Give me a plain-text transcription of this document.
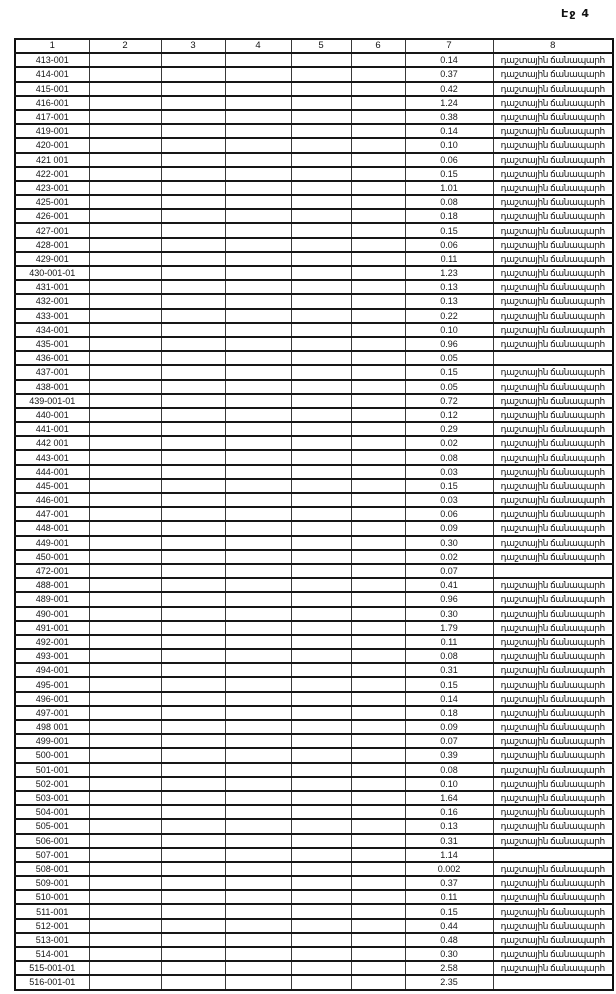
Էջ 4
1	2	3	4	5	6	7	8
413-001						0.14	դաշտային ճանապարհ
414-001						0.37	դաշտային ճանապարհ
415-001						0.42	դաշտային ճանապարհ
416-001						1.24	դաշտային ճանապարհ
417-001						0.38	դաշտային ճանապարհ
419-001						0.14	դաշտային ճանապարհ
420-001						0.10	դաշտային ճանապարհ
421 001						0.06	դաշտային ճանապարհ
422-001						0.15	դաշտային ճանապարհ
423-001						1.01	դաշտային ճանապարհ
425-001						0.08	դաշտային ճանապարհ
426-001						0.18	դաշտային ճանապարհ
427-001						0.15	դաշտային ճանապարհ
428-001						0.06	դաշտային ճանապարհ
429-001						0.11	դաշտային ճանապարհ
430-001-01						1.23	դաշտային ճանապարհ
431-001						0.13	դաշտային ճանապարհ
432-001						0.13	դաշտային ճանապարհ
433-001						0.22	դաշտային ճանապարհ
434-001						0.10	դաշտային ճանապարհ
435-001						0.96	դաշտային ճանապարհ
436-001						0.05	
437-001						0.15	դաշտային ճանապարհ
438-001						0.05	դաշտային ճանապարհ
439-001-01						0.72	դաշտային ճանապարհ
440-001						0.12	դաշտային ճանապարհ
441-001						0.29	դաշտային ճանապարհ
442 001						0.02	դաշտային ճանապարհ
443-001						0.08	դաշտային ճանապարհ
444-001						0.03	դաշտային ճանապարհ
445-001						0.15	դաշտային ճանապարհ
446-001						0.03	դաշտային ճանապարհ
447-001						0.06	դաշտային ճանապարհ
448-001						0.09	դաշտային ճանապարհ
449-001						0.30	դաշտային ճանապարհ
450-001						0.02	դաշտային ճանապարհ
472-001						0.07	
488-001						0.41	դաշտային ճանապարհ
489-001						0.96	դաշտային ճանապարհ
490-001						0.30	դաշտային ճանապարհ
491-001						1.79	դաշտային ճանապարհ
492-001						0.11	դաշտային ճանապարհ
493-001						0.08	դաշտային ճանապարհ
494-001						0.31	դաշտային ճանապարհ
495-001						0.15	դաշտային ճանապարհ
496-001						0.14	դաշտային ճանապարհ
497-001						0.18	դաշտային ճանապարհ
498 001						0.09	դաշտային ճանապարհ
499-001						0.07	դաշտային ճանապարհ
500-001						0.39	դաշտային ճանապարհ
501-001						0.08	դաշտային ճանապարհ
502-001						0.10	դաշտային ճանապարհ
503-001						1.64	դաշտային ճանապարհ
504-001						0.16	դաշտային ճանապարհ
505-001						0.13	դաշտային ճանապարհ
506-001						0.31	դաշտային ճանապարհ
507-001						1.14	
508-001						0.002	դաշտային ճանապարհ
509-001						0.37	դաշտային ճանապարհ
510-001						0.11	դաշտային ճանապարհ
511-001						0.15	դաշտային ճանապարհ
512-001						0.44	դաշտային ճանապարհ
513-001						0.48	դաշտային ճանապարհ
514-001						0.30	դաշտային ճանապարհ
515-001-01						2.58	դաշտային ճանապարհ
516-001-01						2.35	
